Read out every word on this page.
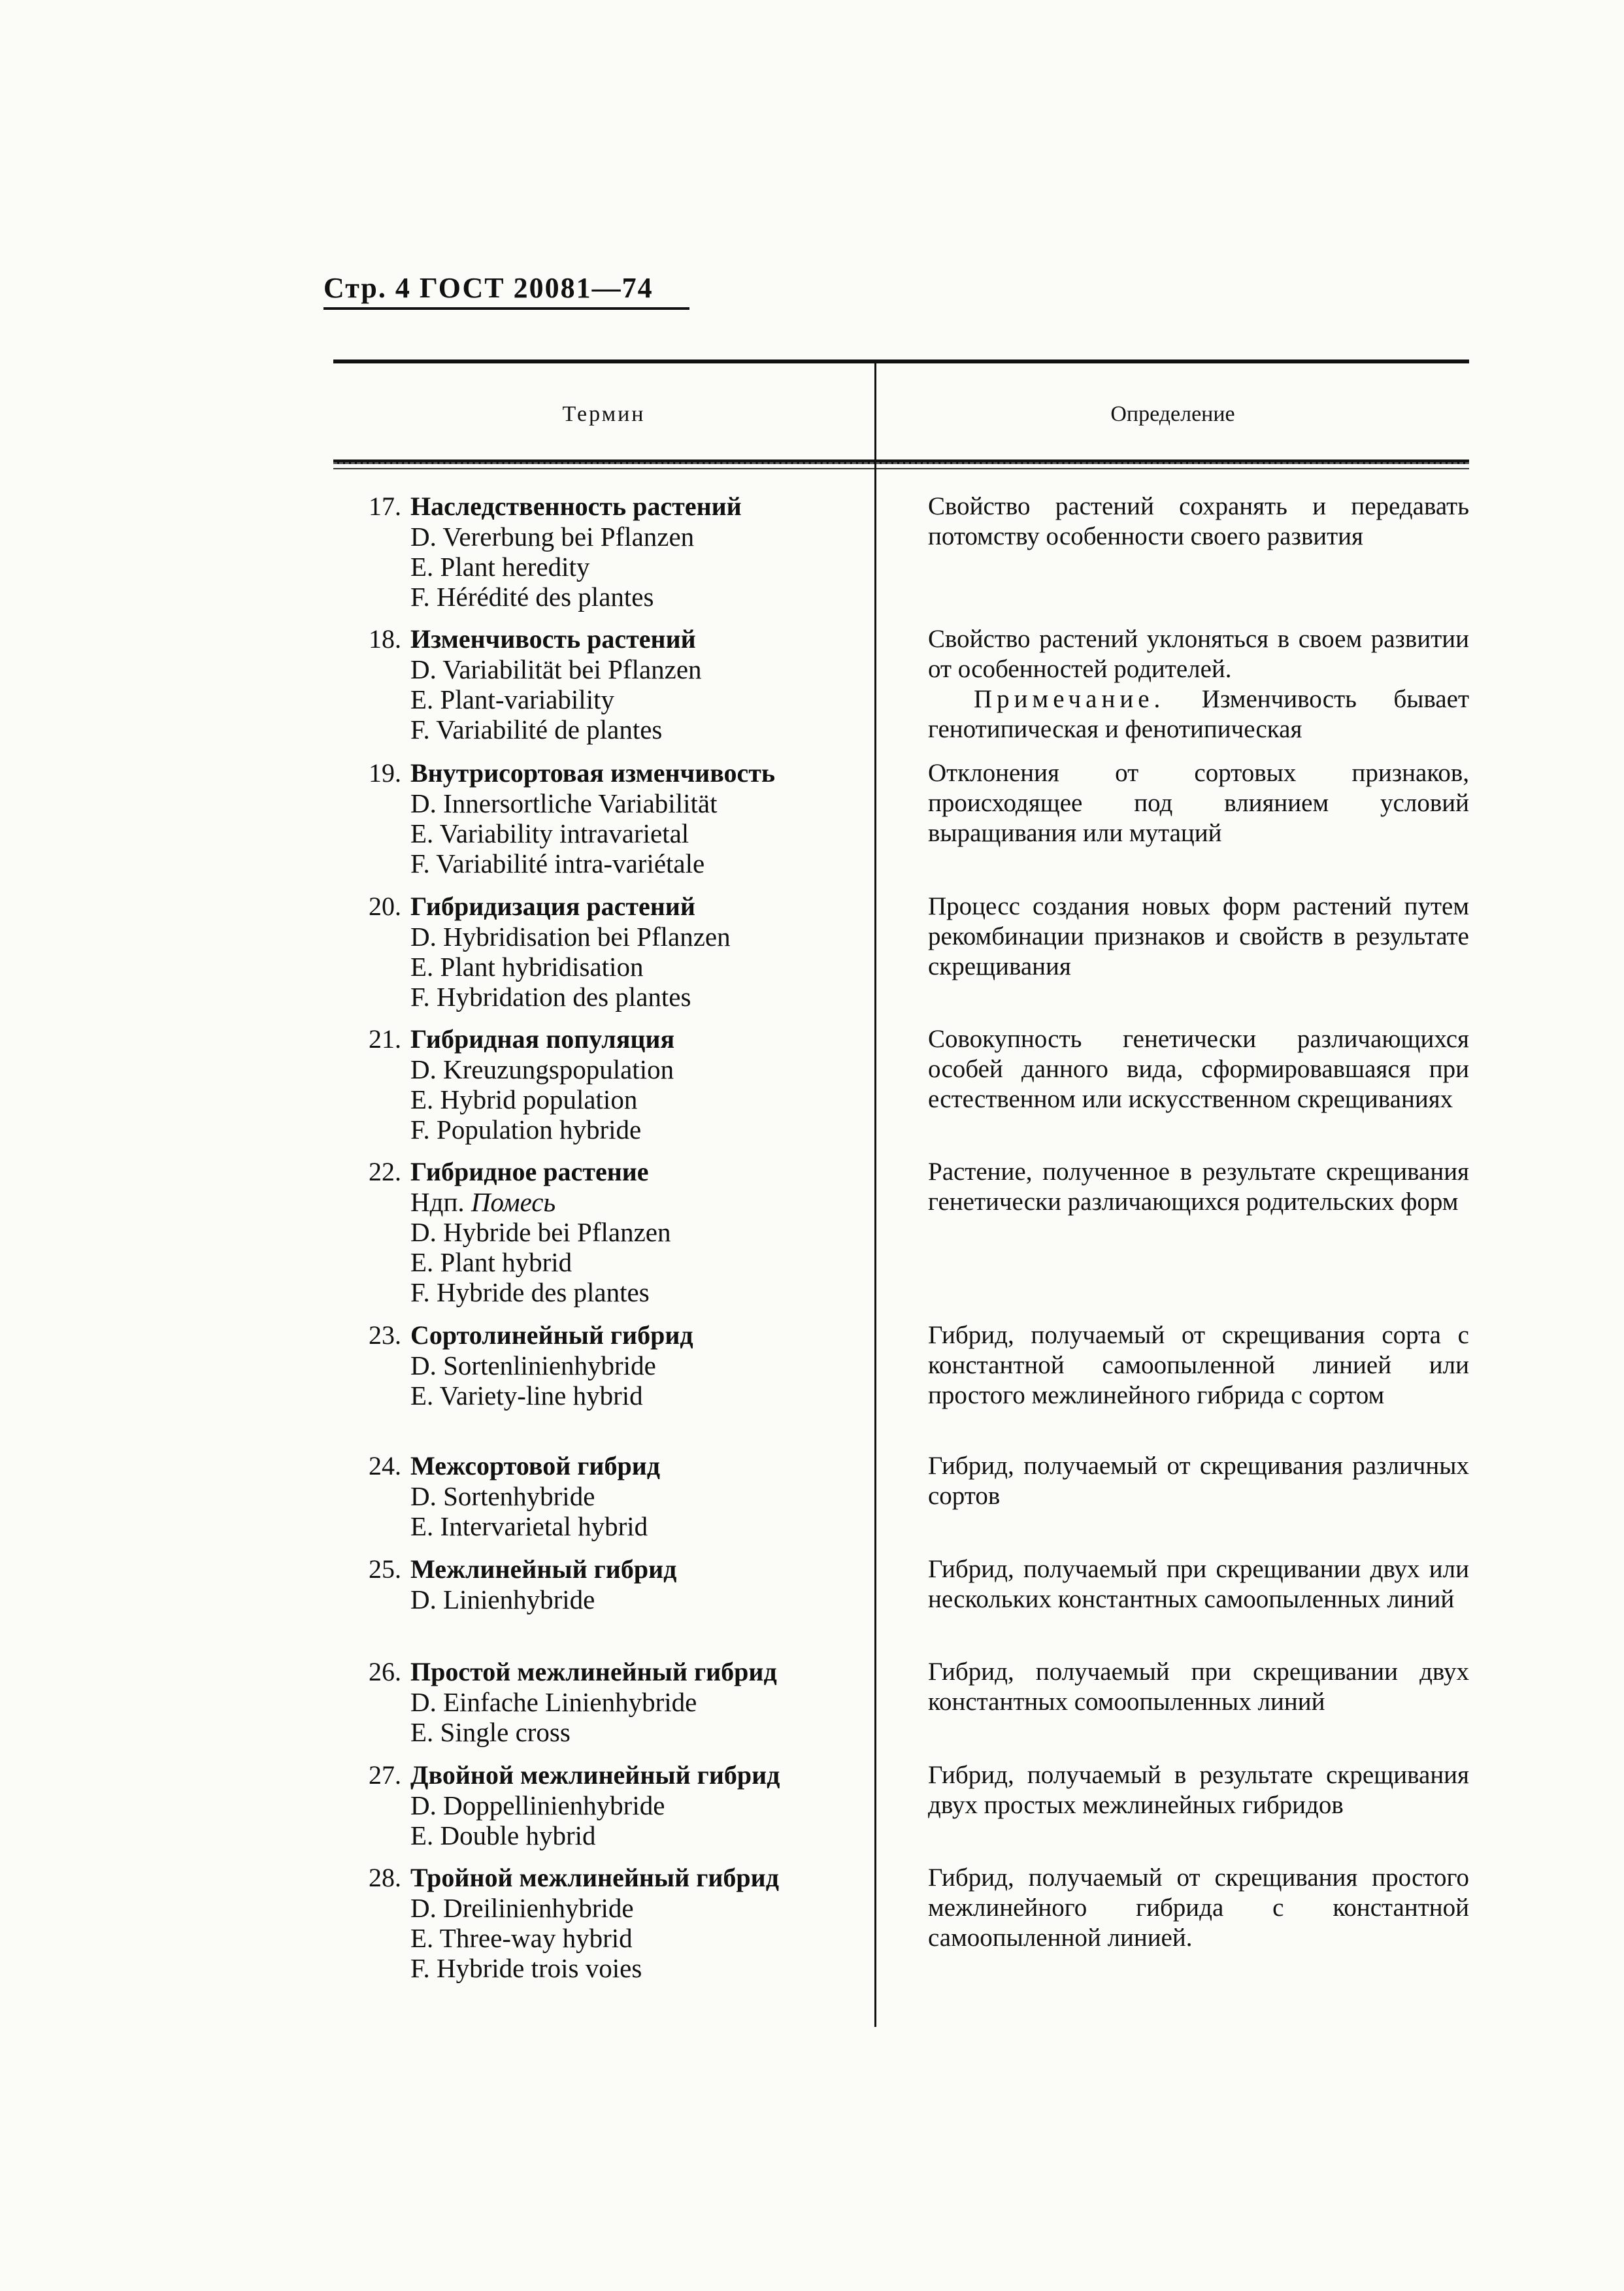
Стр. 4 ГОСТ 20081—74
Термин	Определение
17. Наследственность растений
D. Vererbung bei Pflanzen
E. Plant heredity
F. Hérédité des plantes
Свойство растений сохранять и передавать потомству особенности своего развития
18. Изменчивость растений
D. Variabilität bei Pflanzen
E. Plant-variability
F. Variabilité de plantes
Свойство растений уклоняться в своем развитии от особенностей родителей.
Примечание. Изменчивость бывает генотипическая и фенотипическая
19. Внутрисортовая изменчивость
D. Innersortliche Variabilität
E. Variability intravarietal
F. Variabilité intra-variétale
Отклонения от сортовых признаков, происходящее под влиянием условий выращивания или мутаций
20. Гибридизация растений
D. Hybridisation bei Pflanzen
E. Plant hybridisation
F. Hybridation des plantes
Процесс создания новых форм растений путем рекомбинации признаков и свойств в результате скрещивания
21. Гибридная популяция
D. Kreuzungspopulation
E. Hybrid population
F. Population hybride
Совокупность генетически различающихся особей данного вида, сформировавшаяся при естественном или искусственном скрещиваниях
22. Гибридное растение
Ндп. Помесь
D. Hybride bei Pflanzen
E. Plant hybrid
F. Hybride des plantes
Растение, полученное в результате скрещивания генетически различающихся родительских форм
23. Сортолинейный гибрид
D. Sortenlinienhybride
E. Variety-line hybrid
Гибрид, получаемый от скрещивания сорта с константной самоопыленной линией или простого межлинейного гибрида с сортом
24. Межсортовой гибрид
D. Sortenhybride
E. Intervarietal hybrid
Гибрид, получаемый от скрещивания различных сортов
25. Межлинейный гибрид
D. Linienhybride
Гибрид, получаемый при скрещивании двух или нескольких константных самоопыленных линий
26. Простой межлинейный гибрид
D. Einfache Linienhybride
E. Single cross
Гибрид, получаемый при скрещивании двух константных сомоопыленных линий
27. Двойной межлинейный гибрид
D. Doppellinienhybride
E. Double hybrid
Гибрид, получаемый в результате скрещивания двух простых межлинейных гибридов
28. Тройной межлинейный гибрид
D. Dreilinienhybride
E. Three-way hybrid
F. Hybride trois voies
Гибрид, получаемый от скрещивания простого межлинейного гибрида с константной самоопыленной линией.
